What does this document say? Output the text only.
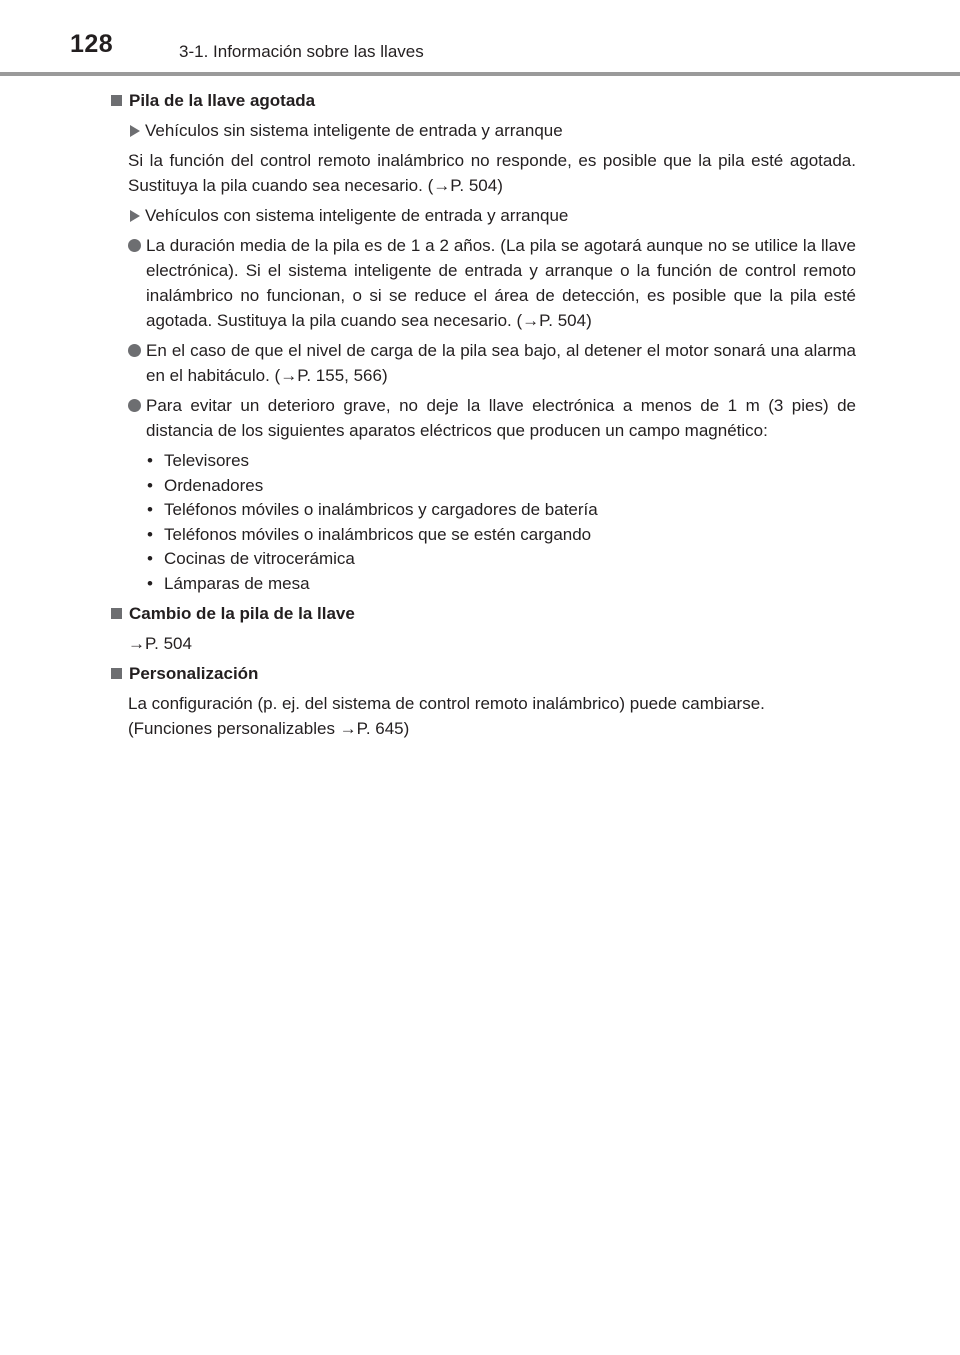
128	3-1. Información sobre las llaves
Pila de la llave agotada
Vehículos sin sistema inteligente de entrada y arranque
Si la función del control remoto inalámbrico no responde, es posible que la pila esté agotada. Sustituya la pila cuando sea necesario. (→P. 504)
Vehículos con sistema inteligente de entrada y arranque
La duración media de la pila es de 1 a 2 años. (La pila se agotará aunque no se utilice la llave electrónica). Si el sistema inteligente de entrada y arranque o la función de control remoto inalámbrico no funcionan, o si se reduce el área de detección, es posible que la pila esté agotada. Sustituya la pila cuando sea necesario. (→P. 504)
En el caso de que el nivel de carga de la pila sea bajo, al detener el motor sonará una alarma en el habitáculo. (→P. 155, 566)
Para evitar un deterioro grave, no deje la llave electrónica a menos de 1 m (3 pies) de distancia de los siguientes aparatos eléctricos que producen un campo magnético:
• Televisores
• Ordenadores
• Teléfonos móviles o inalámbricos y cargadores de batería
• Teléfonos móviles o inalámbricos que se estén cargando
• Cocinas de vitrocerámica
• Lámparas de mesa
Cambio de la pila de la llave
→P. 504
Personalización
La configuración (p. ej. del sistema de control remoto inalámbrico) puede cambiarse.
(Funciones personalizables →P. 645)
